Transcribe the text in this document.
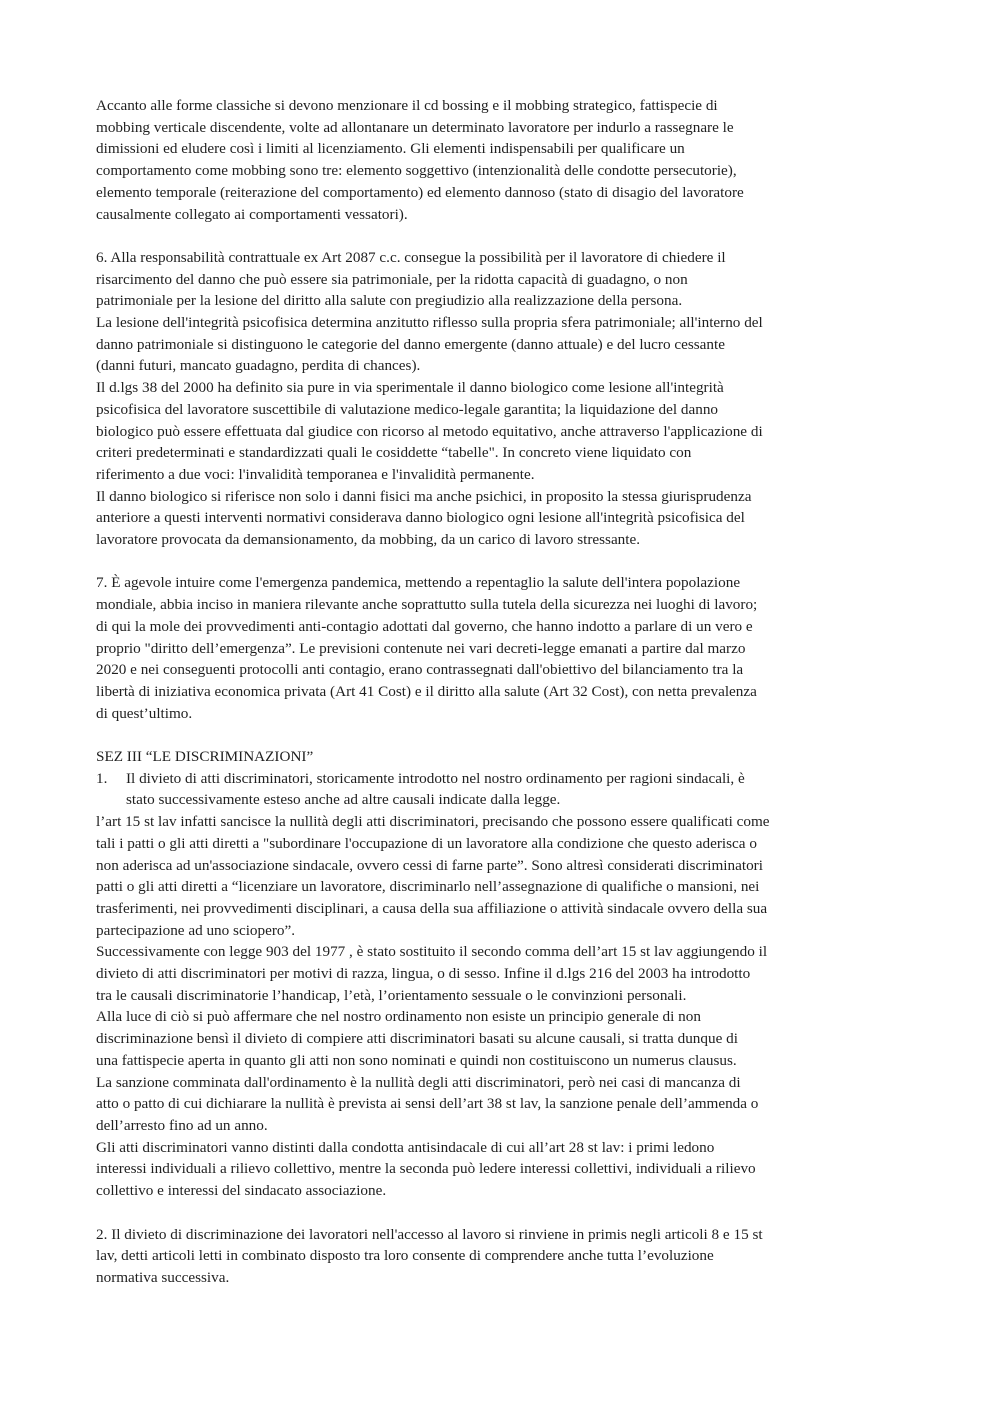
Accanto alle forme classiche si devono menzionare il cd bossing e il mobbing strategico, fattispecie di
mobbing verticale discendente, volte ad allontanare un determinato lavoratore per indurlo a rassegnare le
dimissioni ed eludere così i limiti al licenziamento. Gli elementi indispensabili per qualificare un
comportamento come mobbing sono tre: elemento soggettivo (intenzionalità delle condotte persecutorie),
elemento temporale (reiterazione del comportamento) ed elemento dannoso (stato di disagio del lavoratore
causalmente collegato ai comportamenti vessatori).
6. Alla responsabilità contrattuale ex Art 2087 c.c. consegue la possibilità per il lavoratore di chiedere il
risarcimento del danno che può essere sia patrimoniale, per la ridotta capacità di guadagno, o non
patrimoniale per la lesione del diritto alla salute con pregiudizio alla realizzazione della persona.
La lesione dell'integrità psicofisica determina anzitutto riflesso sulla propria sfera patrimoniale; all'interno del
danno patrimoniale si distinguono le categorie del danno emergente (danno attuale) e del lucro cessante
(danni futuri, mancato guadagno, perdita di chances).
Il d.lgs 38 del 2000 ha definito sia pure in via sperimentale il danno biologico come lesione all'integrità
psicofisica del lavoratore suscettibile di valutazione medico-legale garantita; la liquidazione del danno
biologico può essere effettuata dal giudice con ricorso al metodo equitativo, anche attraverso l'applicazione di
criteri predeterminati e standardizzati quali le cosiddette “tabelle". In concreto viene liquidato con
riferimento a due voci: l'invalidità temporanea e l'invalidità permanente.
Il danno biologico si riferisce non solo i danni fisici ma anche psichici, in proposito la stessa giurisprudenza
anteriore a questi interventi normativi considerava danno biologico ogni lesione all'integrità psicofisica del
lavoratore provocata da demansionamento, da mobbing, da un carico di lavoro stressante.
7. È agevole intuire come l'emergenza pandemica, mettendo a repentaglio la salute dell'intera popolazione
mondiale, abbia inciso in maniera rilevante anche soprattutto sulla tutela della sicurezza nei luoghi di lavoro;
di qui la mole dei provvedimenti anti-contagio adottati dal governo, che hanno indotto a parlare di un vero e
proprio "diritto dell’emergenza”. Le previsioni contenute nei vari decreti-legge emanati a partire dal marzo
2020 e nei conseguenti protocolli anti contagio, erano contrassegnati dall'obiettivo del bilanciamento tra la
libertà di iniziativa economica privata (Art 41 Cost) e il diritto alla salute (Art 32 Cost), con netta prevalenza
di quest’ultimo.
SEZ III “LE DISCRIMINAZIONI”
1. Il divieto di atti discriminatori, storicamente introdotto nel nostro ordinamento per ragioni sindacali, è
stato successivamente esteso anche ad altre causali indicate dalla legge.
l’art 15 st lav infatti sancisce la nullità degli atti discriminatori, precisando che possono essere qualificati come
tali i patti o gli atti diretti a "subordinare l'occupazione di un lavoratore alla condizione che questo aderisca o
non aderisca ad un'associazione sindacale, ovvero cessi di farne parte”. Sono altresì considerati discriminatori
patti o gli atti diretti a “licenziare un lavoratore, discriminarlo nell’assegnazione di qualifiche o mansioni, nei
trasferimenti, nei provvedimenti disciplinari, a causa della sua affiliazione o attività sindacale ovvero della sua
partecipazione ad uno sciopero”.
Successivamente con legge 903 del 1977 , è stato sostituito il secondo comma dell’art 15 st lav aggiungendo il
divieto di atti discriminatori per motivi di razza, lingua, o di sesso. Infine il d.lgs 216 del 2003 ha introdotto
tra le causali discriminatorie l’handicap, l’età, l’orientamento sessuale o le convinzioni personali.
Alla luce di ciò si può affermare che nel nostro ordinamento non esiste un principio generale di non
discriminazione bensì il divieto di compiere atti discriminatori basati su alcune causali, si tratta dunque di
una fattispecie aperta in quanto gli atti non sono nominati e quindi non costituiscono un numerus clausus.
La sanzione comminata dall'ordinamento è la nullità degli atti discriminatori, però nei casi di mancanza di
atto o patto di cui dichiarare la nullità è prevista ai sensi dell’art 38 st lav, la sanzione penale dell’ammenda o
dell’arresto fino ad un anno.
Gli atti discriminatori vanno distinti dalla condotta antisindacale di cui all’art 28 st lav: i primi ledono
interessi individuali a rilievo collettivo, mentre la seconda può ledere interessi collettivi, individuali a rilievo
collettivo e interessi del sindacato associazione.
2. Il divieto di discriminazione dei lavoratori nell'accesso al lavoro si rinviene in primis negli articoli 8 e 15 st
lav, detti articoli letti in combinato disposto tra loro consente di comprendere anche tutta l’evoluzione
normativa successiva.
